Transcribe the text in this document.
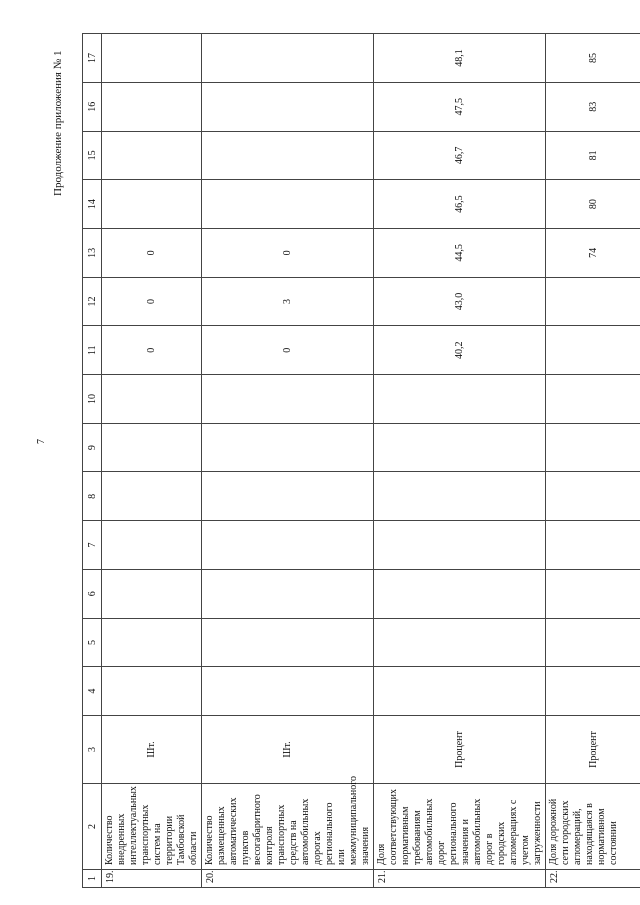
7
Продолжение приложения № 1
1	2	3	4	5	6	7	8	9	10	11	12	13	14	15	16	17
19.	Количество внедренных интеллектуальных транспортных систем на территории Тамбовской области	Шт.								0	0	0				
20.	Количество размещенных автоматических пунктов весогабаритного контроля транспортных средств на автомобильных дорогах регионального или межмуниципального значения	Шт.								0	3	0				
21.	Доля соответствующих нормативным требованиям автомобильных дорог регионального значения и автомобильных дорог в городских агломерациях с учетом загруженности	Процент								40,2	43,0	44,5	46,5	46,7	47,5	48,1
22.	Доля дорожной сети городских агломераций, находящаяся в нормативном состоянии	Процент										74	80	81	83	85
